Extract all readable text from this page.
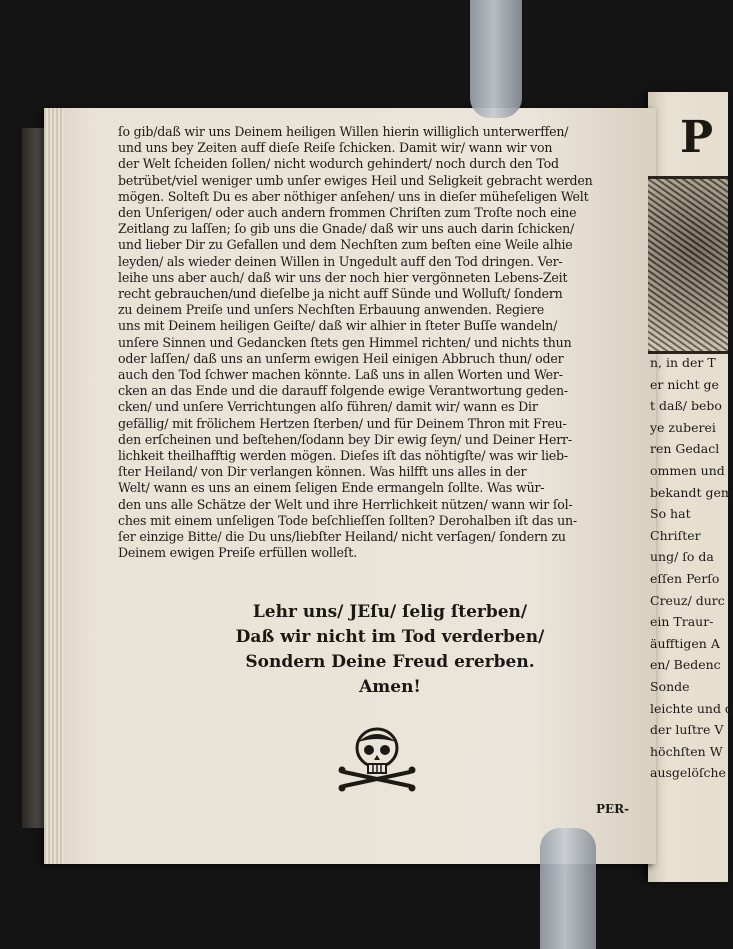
ſo gib/daß wir uns Deinem heiligen Willen hierin williglich unterwerffen/
und uns bey Zeiten auff dieſe Reiſe ſchicken. Damit wir/ wann wir von
der Welt ſcheiden ſollen/ nicht wodurch gehindert/ noch durch den Tod
betrübet/viel weniger umb unſer ewiges Heil und Seligkeit gebracht werden
mögen. Solteſt Du es aber nöthiger anſehen/ uns in dieſer müheſeligen Welt
den Unſerigen/ oder auch andern frommen Chriſten zum Troſte noch eine
Zeitlang zu laſſen; ſo gib uns die Gnade/ daß wir uns auch darin ſchicken/
und lieber Dir zu Gefallen und dem Nechſten zum beſten eine Weile alhie
leyden/ als wieder deinen Willen in Ungedult auff den Tod dringen. Ver-
leihe uns aber auch/ daß wir uns der noch hier vergönneten Lebens-Zeit
recht gebrauchen/und dieſelbe ja nicht auff Sünde und Wolluſt/ ſondern
zu deinem Preiſe und unſers Nechſten Erbauung anwenden. Regiere
uns mit Deinem heiligen Geiſte/ daß wir alhier in ſteter Buſſe wandeln/
unſere Sinnen und Gedancken ſtets gen Himmel richten/ und nichts thun
oder laſſen/ daß uns an unſerm ewigen Heil einigen Abbruch thun/ oder
auch den Tod ſchwer machen könnte. Laß uns in allen Worten und Wer-
cken an das Ende und die darauff folgende ewige Verantwortung geden-
cken/ und unſere Verrichtungen alſo führen/ damit wir/ wann es Dir
gefällig/ mit frölichem Hertzen ſterben/ und für Deinem Thron mit Freu-
den erſcheinen und beſtehen/ſodann bey Dir ewig ſeyn/ und Deiner Herr-
lichkeit theilhafftig werden mögen. Dieſes iſt das nöhtigſte/ was wir lieb-
ſter Heiland/ von Dir verlangen können. Was hilfft uns alles in der
Welt/ wann es uns an einem ſeligen Ende ermangeln ſollte. Was wür-
den uns alle Schätze der Welt und ihre Herrlichkeit nützen/ wann wir ſol-
ches mit einem unſeligen Tode beſchlieſſen ſollten? Derohalben iſt das un-
ſer einzige Bitte/ die Du uns/liebſter Heiland/ nicht verſagen/ ſondern zu
Deinem ewigen Preiſe erfüllen wolleſt.
Lehr uns/ JEſu/ ſelig ſterben/
Daß wir nicht im Tod verderben/
Sondern Deine Freud ererben.
Amen!
PER-
P
n, in der T
er nicht ge
t daß/ bebo
ye zuberei
ren Gedacl
ommen und
bekandt gem
So hat
Chriſter
ung/ ſo da
eſſen Perſo
Creuz/ durc
ein Traur-
äufftigen A
en/ Bedenc
Sonde
leichte und d
der luſtre V
höchſten W
ausgelöſche
